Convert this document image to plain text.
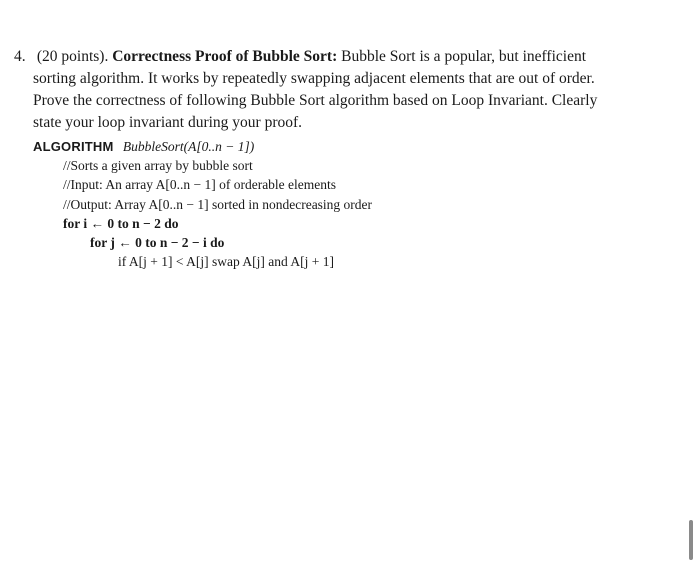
4. (20 points). Correctness Proof of Bubble Sort: Bubble Sort is a popular, but inefficient
sorting algorithm. It works by repeatedly swapping adjacent elements that are out of order.
Prove the correctness of following Bubble Sort algorithm based on Loop Invariant. Clearly
state your loop invariant during your proof.
ALGORITHM BubbleSort(A[0..n − 1])
//Sorts a given array by bubble sort
//Input: An array A[0..n − 1] of orderable elements
//Output: Array A[0..n − 1] sorted in nondecreasing order
for i ← 0 to n − 2 do
for j ← 0 to n − 2 − i do
if A[j + 1] < A[j] swap A[j] and A[j + 1]
